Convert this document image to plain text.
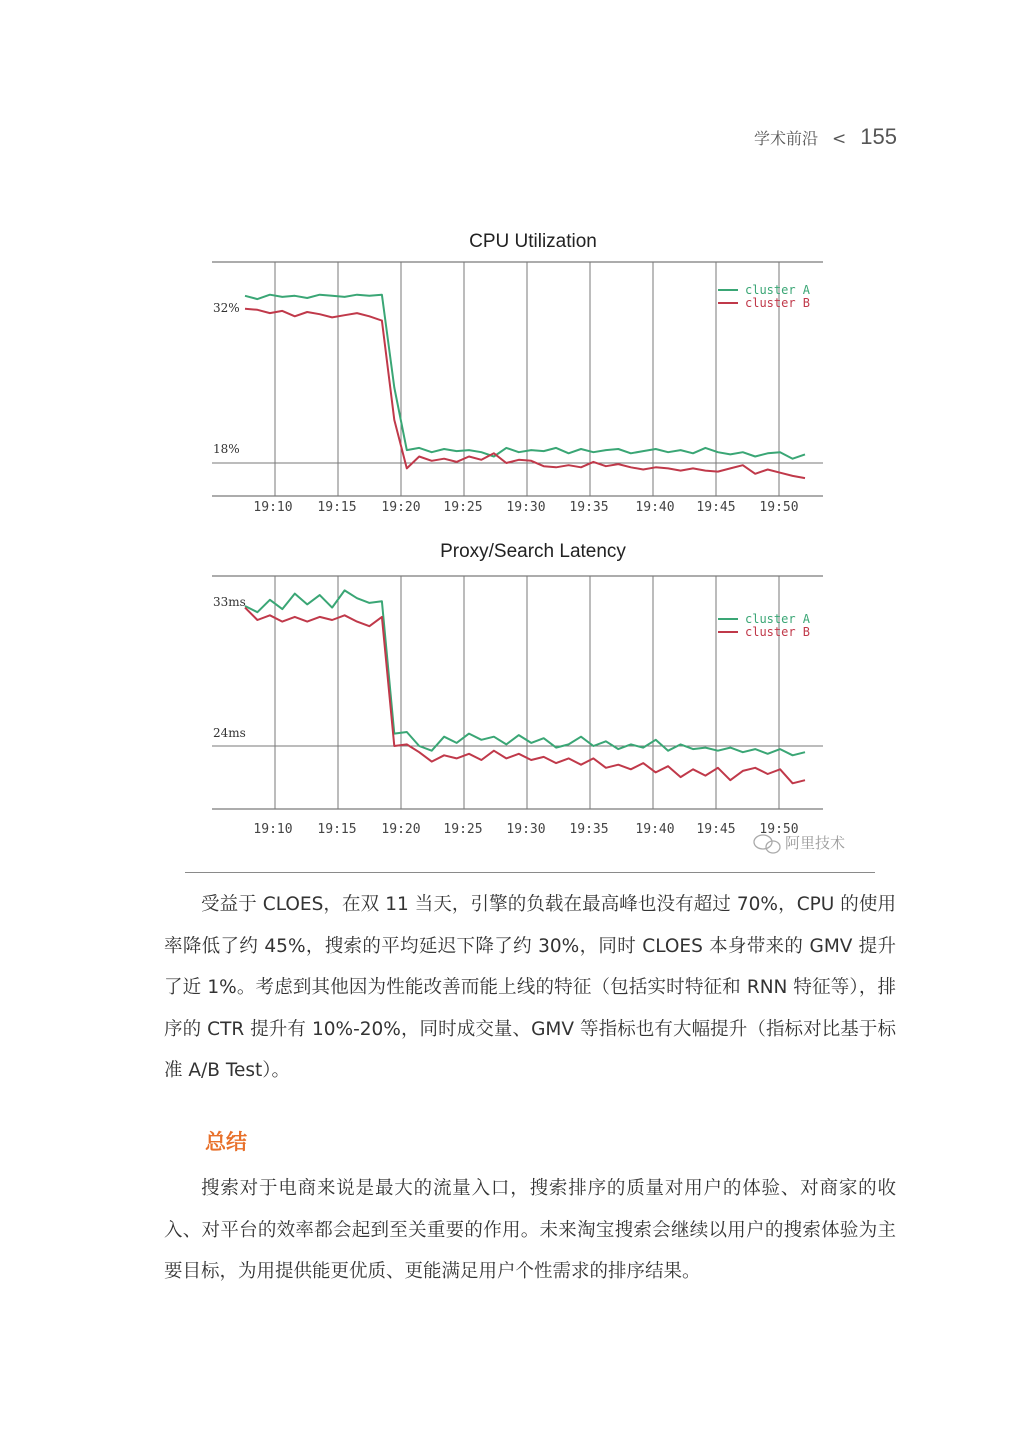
学术前沿 < 155
CPU Utilization
32%
18%
19:10 19:15 19:20 19:25 19:30 19:35 19:40 19:45 19:50
cluster A
cluster B
Proxy/Search Latency
33ms
24ms
19:10 19:15 19:20 19:25 19:30 19:35 19:40 19:45 19:50
cluster A
cluster B
阿里技术

受益于 CLOES，在双 11 当天，引擎的负载在最高峰也没有超过 70%，CPU 的使用率降低了约 45%，搜索的平均延迟下降了约 30%，同时 CLOES 本身带来的 GMV 提升了近 1%。考虑到其他因为性能改善而能上线的特征（包括实时特征和 RNN 特征等），排序的 CTR 提升有 10%-20%，同时成交量、GMV 等指标也有大幅提升（指标对比基于标准 A/B Test）。

总结

搜索对于电商来说是最大的流量入口，搜索排序的质量对用户的体验、对商家的收入、对平台的效率都会起到至关重要的作用。未来淘宝搜索会继续以用户的搜索体验为主要目标，为用提供能更优质、更能满足用户个性需求的排序结果。
